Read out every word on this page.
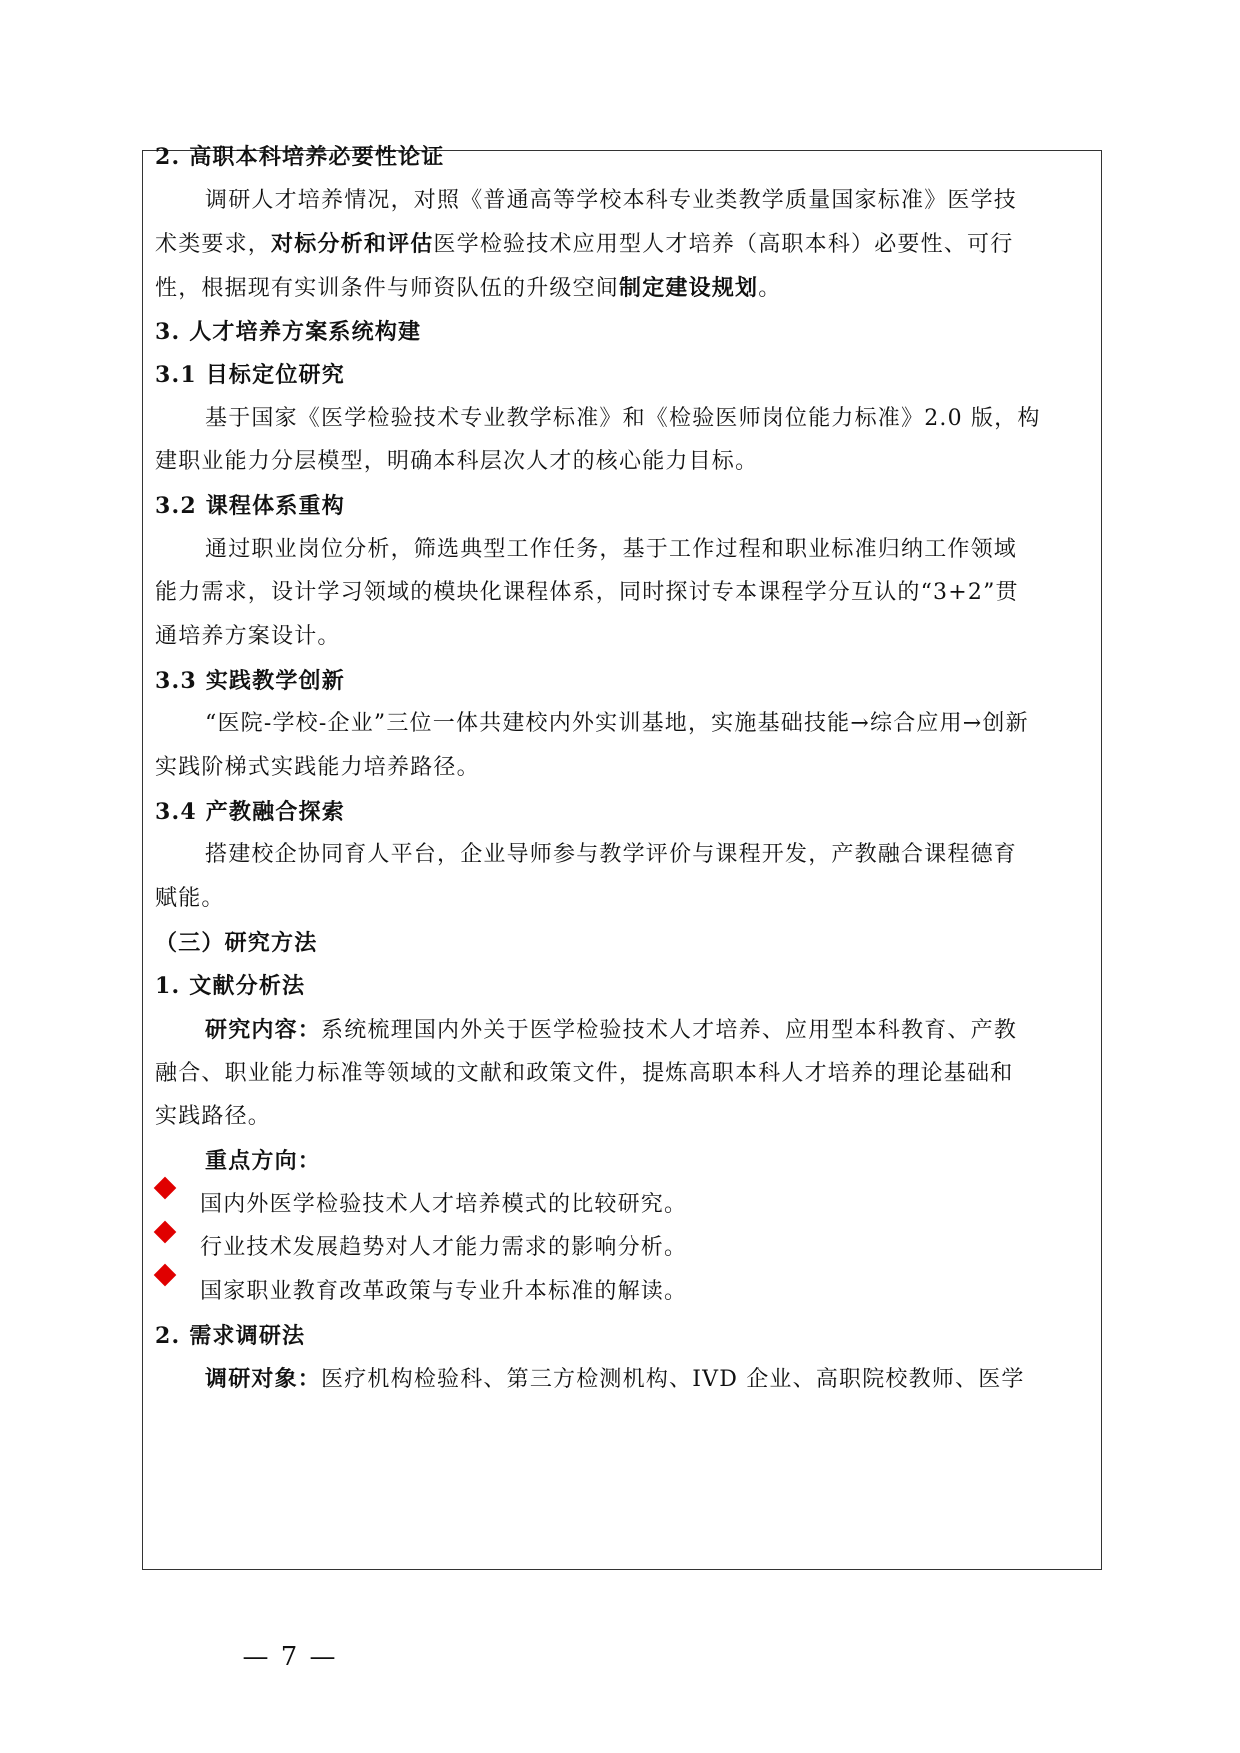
2. 高职本科培养必要性论证
调研人才培养情况，对照《普通高等学校本科专业类教学质量国家标准》医学技
术类要求，对标分析和评估医学检验技术应用型人才培养（高职本科）必要性、可行
性，根据现有实训条件与师资队伍的升级空间制定建设规划。
3. 人才培养方案系统构建
3.1 目标定位研究
基于国家《医学检验技术专业教学标准》和《检验医师岗位能力标准》2.0 版，构
建职业能力分层模型，明确本科层次人才的核心能力目标。
3.2 课程体系重构
通过职业岗位分析，筛选典型工作任务，基于工作过程和职业标准归纳工作领域
能力需求，设计学习领域的模块化课程体系，同时探讨专本课程学分互认的“3+2”贯
通培养方案设计。
3.3 实践教学创新
“医院-学校-企业”三位一体共建校内外实训基地，实施基础技能→综合应用→创新
实践阶梯式实践能力培养路径。
3.4 产教融合探索
搭建校企协同育人平台，企业导师参与教学评价与课程开发，产教融合课程德育
赋能。
（三）研究方法
1. 文献分析法
研究内容：系统梳理国内外关于医学检验技术人才培养、应用型本科教育、产教
融合、职业能力标准等领域的文献和政策文件，提炼高职本科人才培养的理论基础和
实践路径。
重点方向：
国内外医学检验技术人才培养模式的比较研究。
行业技术发展趋势对人才能力需求的影响分析。
国家职业教育改革政策与专业升本标准的解读。
2. 需求调研法
调研对象：医疗机构检验科、第三方检测机构、IVD 企业、高职院校教师、医学
— 7 —
